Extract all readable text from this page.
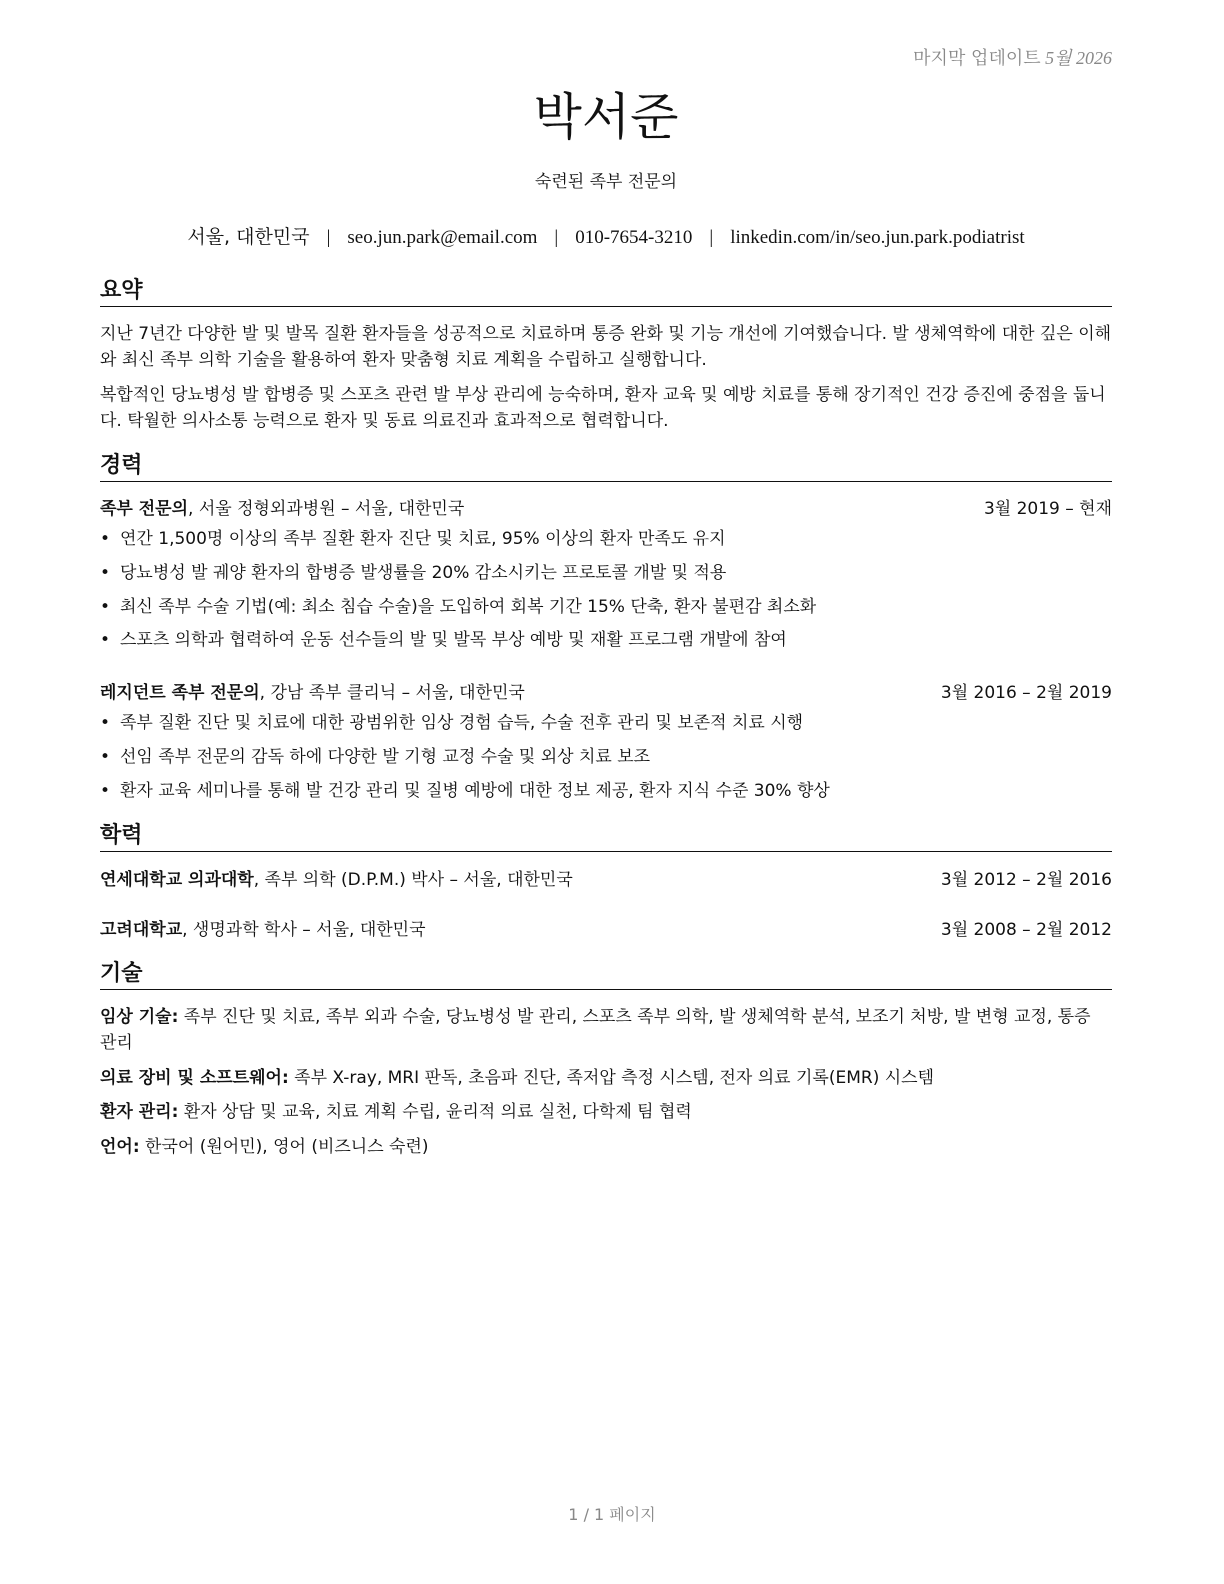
마지막 업데이트 5월 2026
박서준
숙련된 족부 전문의
서울, 대한민국 | seo.jun.park@email.com | 010-7654-3210 | linkedin.com/in/seo.jun.park.podiatrist
요약
지난 7년간 다양한 발 및 발목 질환 환자들을 성공적으로 치료하며 통증 완화 및 기능 개선에 기여했습니다. 발 생체역학에 대한 깊은 이해와 최신 족부 의학 기술을 활용하여 환자 맞춤형 치료 계획을 수립하고 실행합니다.
복합적인 당뇨병성 발 합병증 및 스포츠 관련 발 부상 관리에 능숙하며, 환자 교육 및 예방 치료를 통해 장기적인 건강 증진에 중점을 둡니다. 탁월한 의사소통 능력으로 환자 및 동료 의료진과 효과적으로 협력합니다.
경력
족부 전문의, 서울 정형외과병원 – 서울, 대한민국	3월 2019 – 현재
• 연간 1,500명 이상의 족부 질환 환자 진단 및 치료, 95% 이상의 환자 만족도 유지
• 당뇨병성 발 궤양 환자의 합병증 발생률을 20% 감소시키는 프로토콜 개발 및 적용
• 최신 족부 수술 기법(예: 최소 침습 수술)을 도입하여 회복 기간 15% 단축, 환자 불편감 최소화
• 스포츠 의학과 협력하여 운동 선수들의 발 및 발목 부상 예방 및 재활 프로그램 개발에 참여
레지던트 족부 전문의, 강남 족부 클리닉 – 서울, 대한민국	3월 2016 – 2월 2019
• 족부 질환 진단 및 치료에 대한 광범위한 임상 경험 습득, 수술 전후 관리 및 보존적 치료 시행
• 선임 족부 전문의 감독 하에 다양한 발 기형 교정 수술 및 외상 치료 보조
• 환자 교육 세미나를 통해 발 건강 관리 및 질병 예방에 대한 정보 제공, 환자 지식 수준 30% 향상
학력
연세대학교 의과대학, 족부 의학 (D.P.M.) 박사 – 서울, 대한민국	3월 2012 – 2월 2016
고려대학교, 생명과학 학사 – 서울, 대한민국	3월 2008 – 2월 2012
기술
임상 기술: 족부 진단 및 치료, 족부 외과 수술, 당뇨병성 발 관리, 스포츠 족부 의학, 발 생체역학 분석, 보조기 처방, 발 변형 교정, 통증 관리
의료 장비 및 소프트웨어: 족부 X-ray, MRI 판독, 초음파 진단, 족저압 측정 시스템, 전자 의료 기록(EMR) 시스템
환자 관리: 환자 상담 및 교육, 치료 계획 수립, 윤리적 의료 실천, 다학제 팀 협력
언어: 한국어 (원어민), 영어 (비즈니스 숙련)
1 / 1 페이지
